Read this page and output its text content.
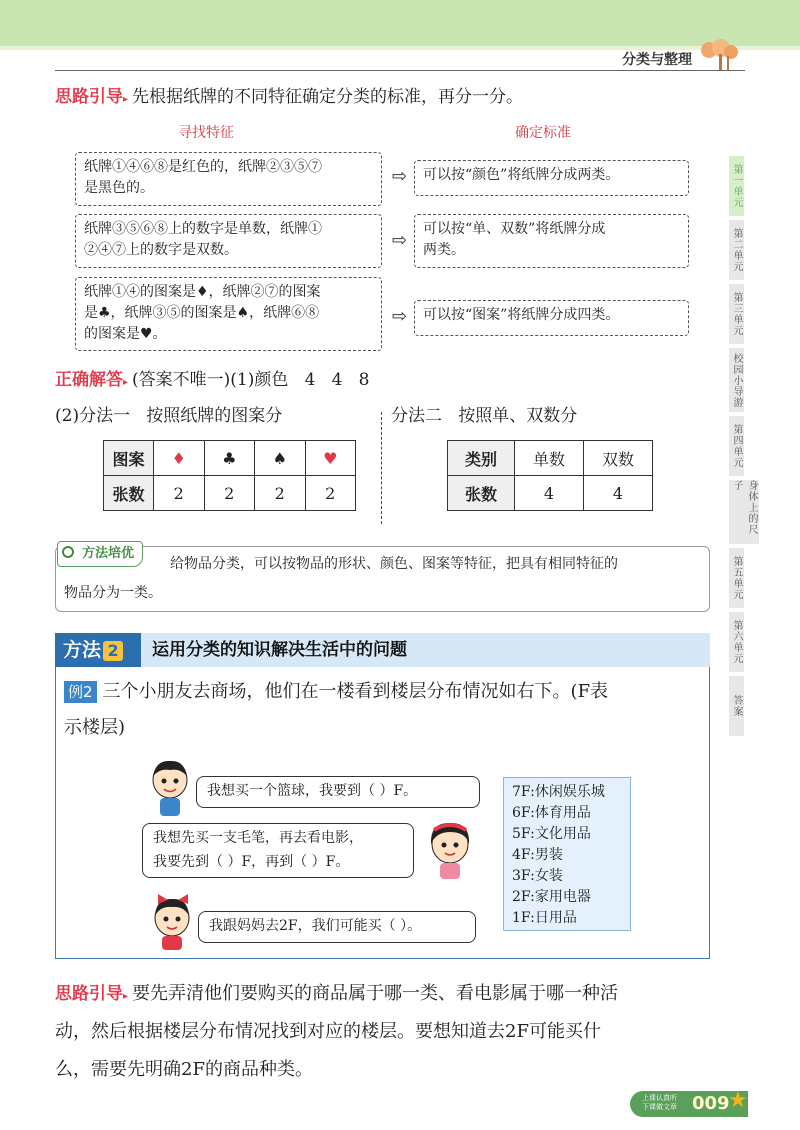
分类与整理
第一单元
第二单元
第三单元
校园小导游
第四单元
身体上的尺子
第五单元
第六单元
答案
思路引导▸ 先根据纸牌的不同特征确定分类的标准，再分一分。
寻找特征	确定标准
纸牌①④⑥⑧是红色的，纸牌②③⑤⑦
是黑色的。
⇨ 可以按“颜色”将纸牌分成两类。
纸牌③⑤⑥⑧上的数字是单数，纸牌①
②④⑦上的数字是双数。	⇨
可以按“单、双数”将纸牌分成
两类。
纸牌①④的图案是♦，纸牌②⑦的图案
是♣，纸牌③⑤的图案是♠，纸牌⑥⑧
的图案是♥。
⇨ 可以按“图案”将纸牌分成四类。
正确解答▸ (答案不唯一)(1)颜色   4   4   8
(2)分法一   按照纸牌的图案分	分法二   按照单、双数分
图案	♦	♣	♠	♥
张数	2	2	2	2
类别	单数	双数
张数	4	4
方法培优
给物品分类，可以按物品的形状、颜色、图案等特征，把具有相同特征的
物品分为一类。
方法 2	运用分类的知识解决生活中的问题
例2 三个小朋友去商场，他们在一楼看到楼层分布情况如右下。(F表
示楼层)
我想买一个篮球，我要到（ ）F。
我想先买一支毛笔，再去看电影，
我要先到（ ）F，再到（ ）F。
我跟妈妈去2F，我们可能买（ ）。
7F:休闲娱乐城
6F:体育用品
5F:文化用品
4F:男装
3F:女装
2F:家用电器
1F:日用品
思路引导▸ 要先弄清他们要购买的商品属于哪一类、看电影属于哪一种活
动，然后根据楼层分布情况找到对应的楼层。要想知道去2F可能买什
么，需要先明确2F的商品种类。
上课认真听
下课做文章 009
★
